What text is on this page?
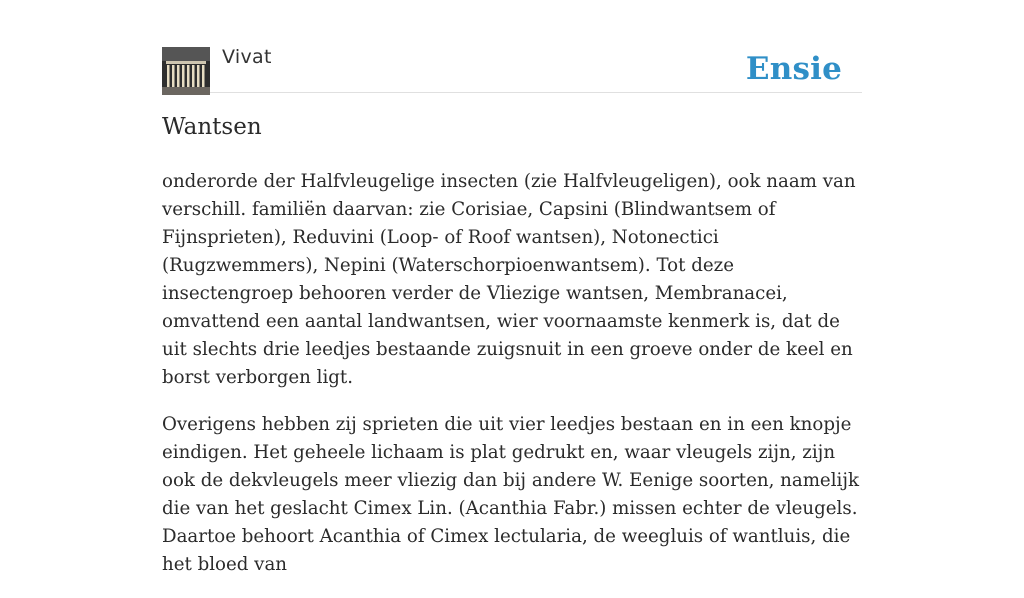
Vivat	Ensie
Wantsen

onderorde der Halfvleugelige insecten (zie Halfvleugeligen), ook naam van verschill. familiën daarvan: zie Corisiae, Capsini (Blindwantsem of Fijnsprieten), Reduvini (Loop- of Roof wantsen), Notonectici (Rugzwemmers), Nepini (Waterschorpioenwantsem). Tot deze insectengroep behooren verder de Vliezige wantsen, Membranacei, omvattend een aantal landwantsen, wier voornaamste kenmerk is, dat de uit slechts drie leedjes bestaande zuigsnuit in een groeve onder de keel en borst verborgen ligt.

Overigens hebben zij sprieten die uit vier leedjes bestaan en in een knopje eindigen. Het geheele lichaam is plat gedrukt en, waar vleugels zijn, zijn ook de dekvleugels meer vliezig dan bij andere W. Eenige soorten, namelijk die van het geslacht Cimex Lin. (Acanthia Fabr.) missen echter de vleugels. Daartoe behoort Acanthia of Cimex lectularia, de weegluis of wantluis, die het bloed van
